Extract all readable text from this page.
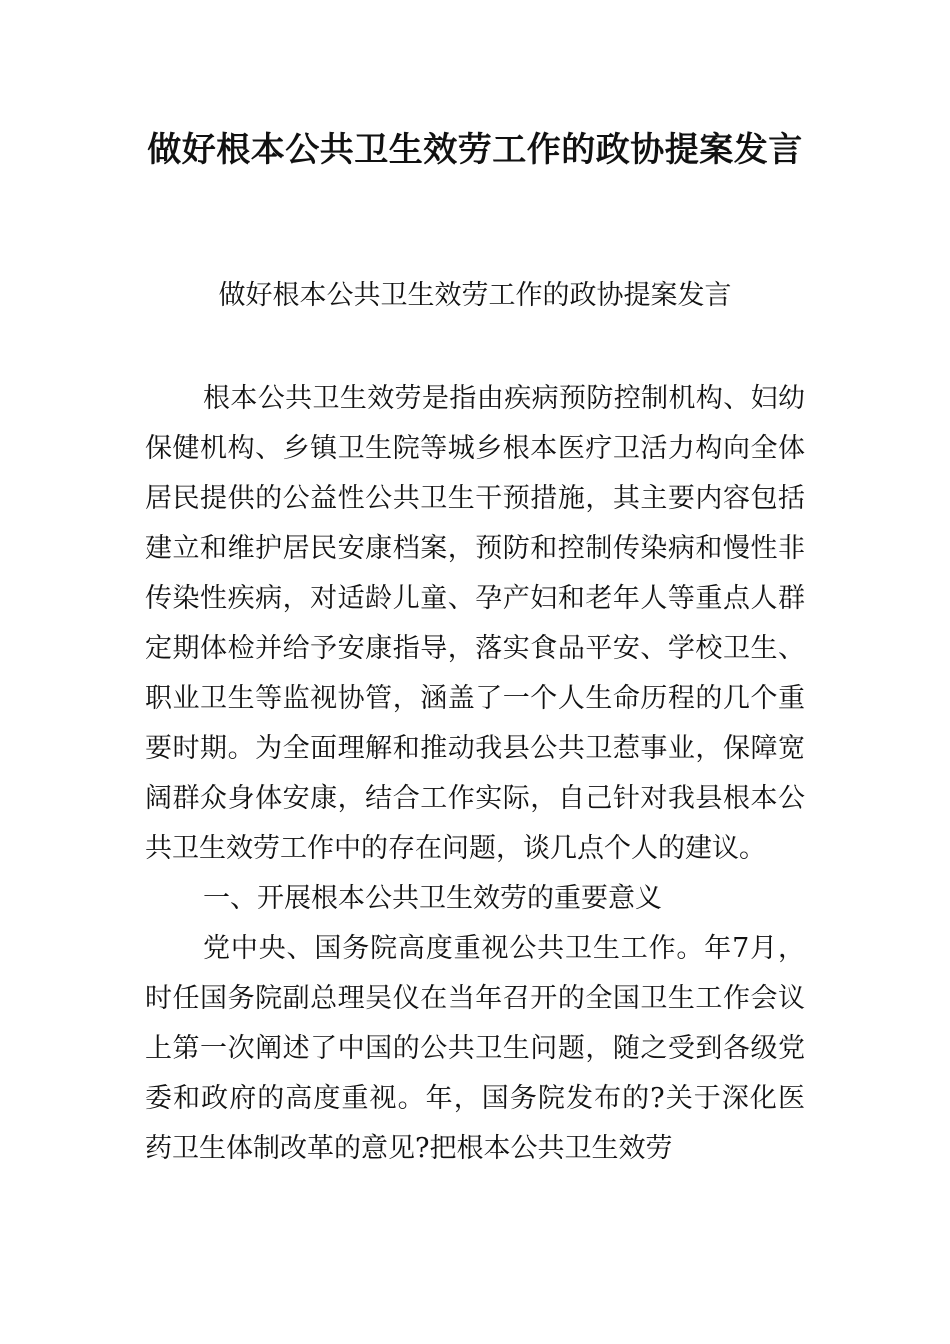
做好根本公共卫生效劳工作的政协提案发言
做好根本公共卫生效劳工作的政协提案发言

根本公共卫生效劳是指由疾病预防控制机构、妇幼保健机构、乡镇卫生院等城乡根本医疗卫活力构向全体居民提供的公益性公共卫生干预措施，其主要内容包括建立和维护居民安康档案，预防和控制传染病和慢性非传染性疾病，对适龄儿童、孕产妇和老年人等重点人群定期体检并给予安康指导，落实食品平安、学校卫生、职业卫生等监视协管，涵盖了一个人生命历程的几个重要时期。为全面理解和推动我县公共卫惹事业，保障宽阔群众身体安康，结合工作实际，自己针对我县根本公共卫生效劳工作中的存在问题，谈几点个人的建议。

一、开展根本公共卫生效劳的重要意义

党中央、国务院高度重视公共卫生工作。年7月，时任国务院副总理吴仪在当年召开的全国卫生工作会议上第一次阐述了中国的公共卫生问题，随之受到各级党委和政府的高度重视。年，国务院发布的?关于深化医药卫生体制改革的意见?把根本公共卫生效劳
